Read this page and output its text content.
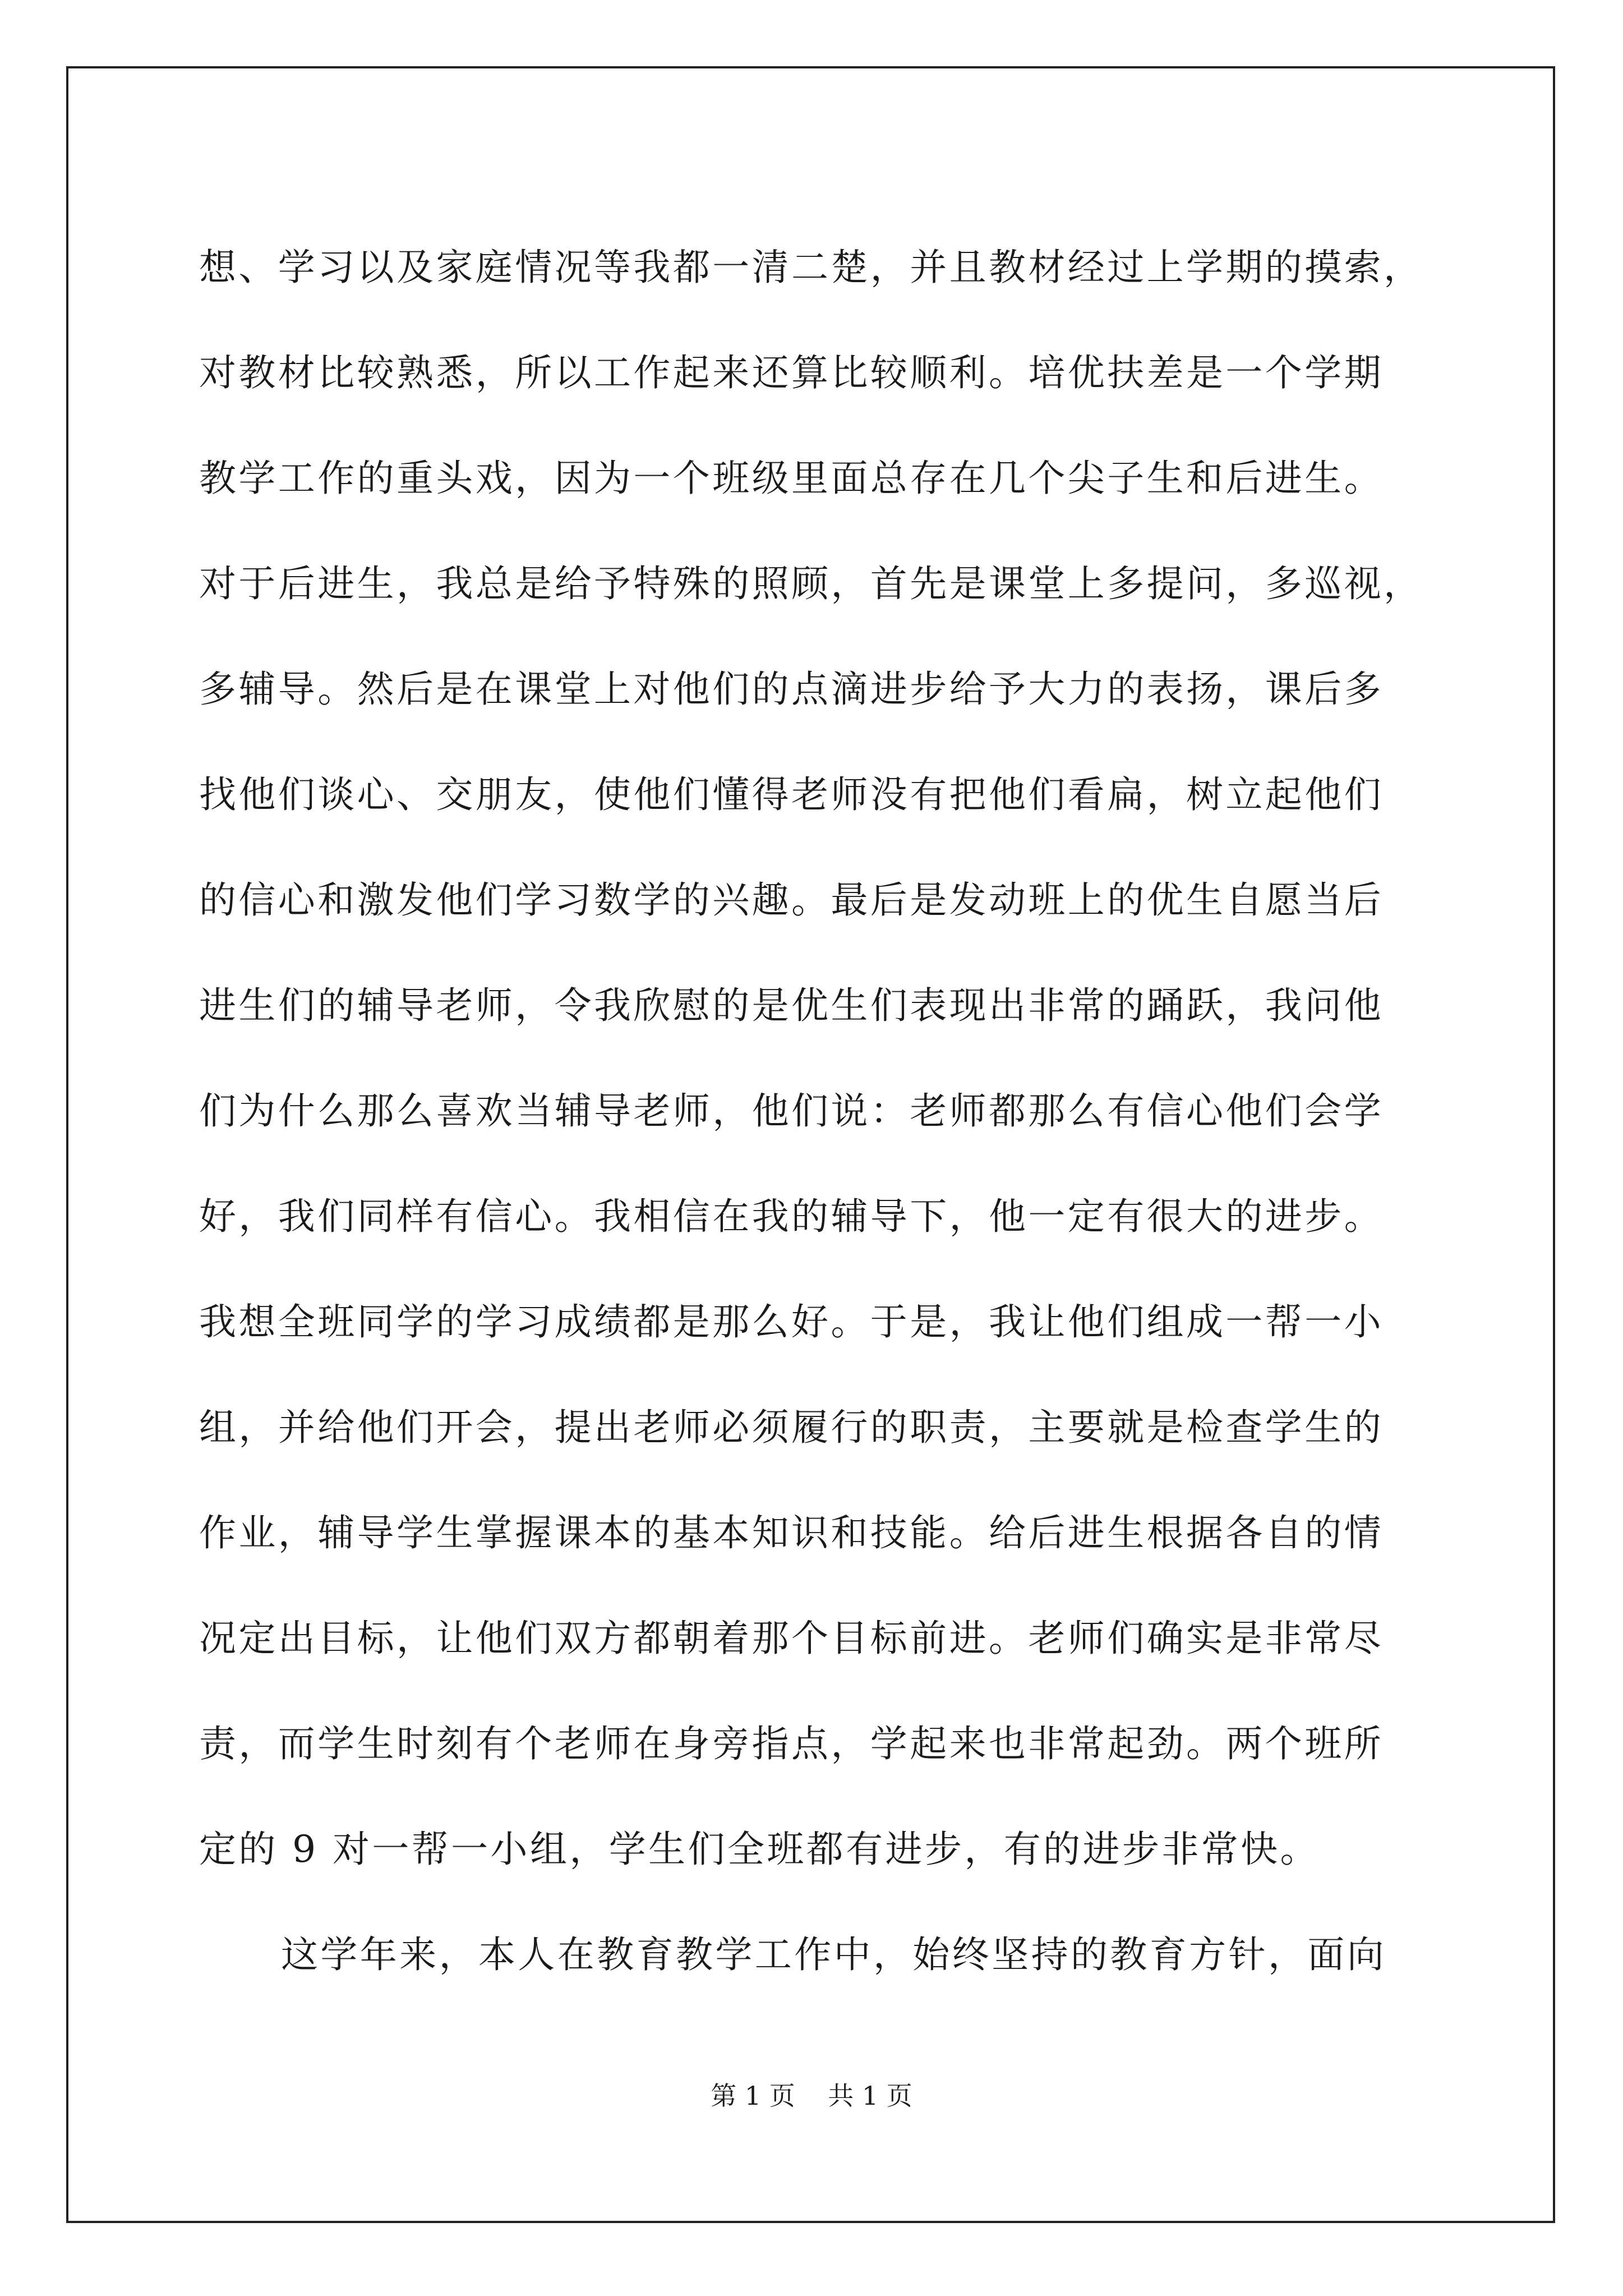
想、学习以及家庭情况等我都一清二楚，并且教材经过上学期的摸索，
对教材比较熟悉，所以工作起来还算比较顺利。培优扶差是一个学期
教学工作的重头戏，因为一个班级里面总存在几个尖子生和后进生。
对于后进生，我总是给予特殊的照顾，首先是课堂上多提问，多巡视，
多辅导。然后是在课堂上对他们的点滴进步给予大力的表扬，课后多
找他们谈心、交朋友，使他们懂得老师没有把他们看扁，树立起他们
的信心和激发他们学习数学的兴趣。最后是发动班上的优生自愿当后
进生们的辅导老师，令我欣慰的是优生们表现出非常的踊跃，我问他
们为什么那么喜欢当辅导老师，他们说：老师都那么有信心他们会学
好，我们同样有信心。我相信在我的辅导下，他一定有很大的进步。
我想全班同学的学习成绩都是那么好。于是，我让他们组成一帮一小
组，并给他们开会，提出老师必须履行的职责，主要就是检查学生的
作业，辅导学生掌握课本的基本知识和技能。给后进生根据各自的情
况定出目标，让他们双方都朝着那个目标前进。老师们确实是非常尽
责，而学生时刻有个老师在身旁指点，学起来也非常起劲。两个班所
定的 9 对一帮一小组，学生们全班都有进步，有的进步非常快。
这学年来，本人在教育教学工作中，始终坚持的教育方针，面向
第 1 页    共 1 页
